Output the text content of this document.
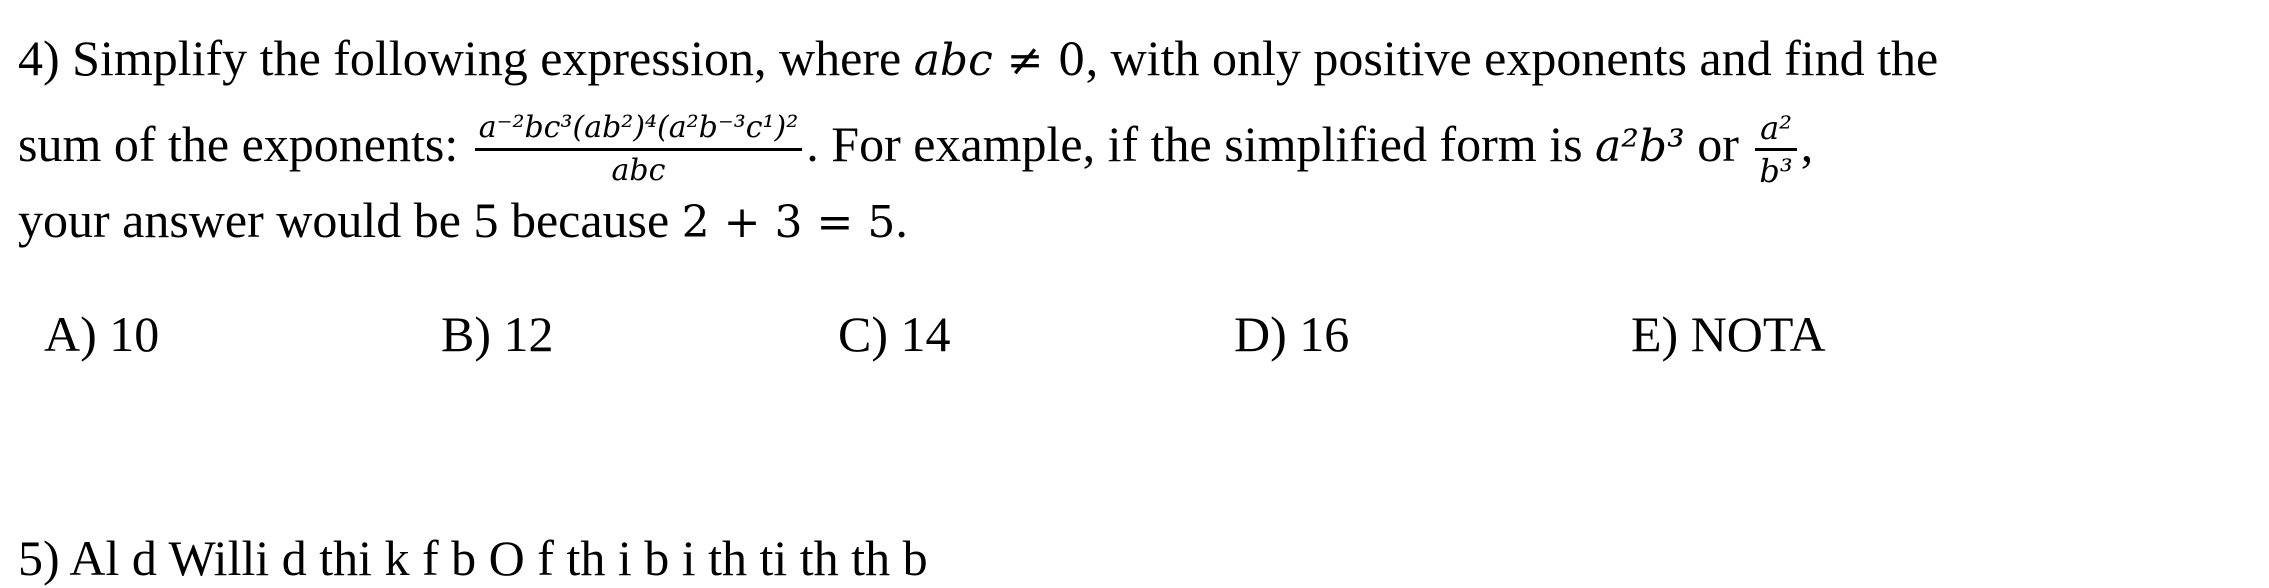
4) Simplify the following expression, where abc ≠ 0, with only positive exponents and find the
sum of the exponents: $\frac{\text{a⁻²bc³(ab²)⁴(a²b⁻³c¹)²}}{\text{abc}}$ . For example, if the simplified form is a²b³ or $\frac{\text{a²}}{\text{b³}}$ ,
your answer would be 5 because 2 + 3 = 5.
A) 10	B) 12	C) 14	D) 16	E) NOTA
5) Al d Willi d thi k f b O f th i b i th ti th th b
